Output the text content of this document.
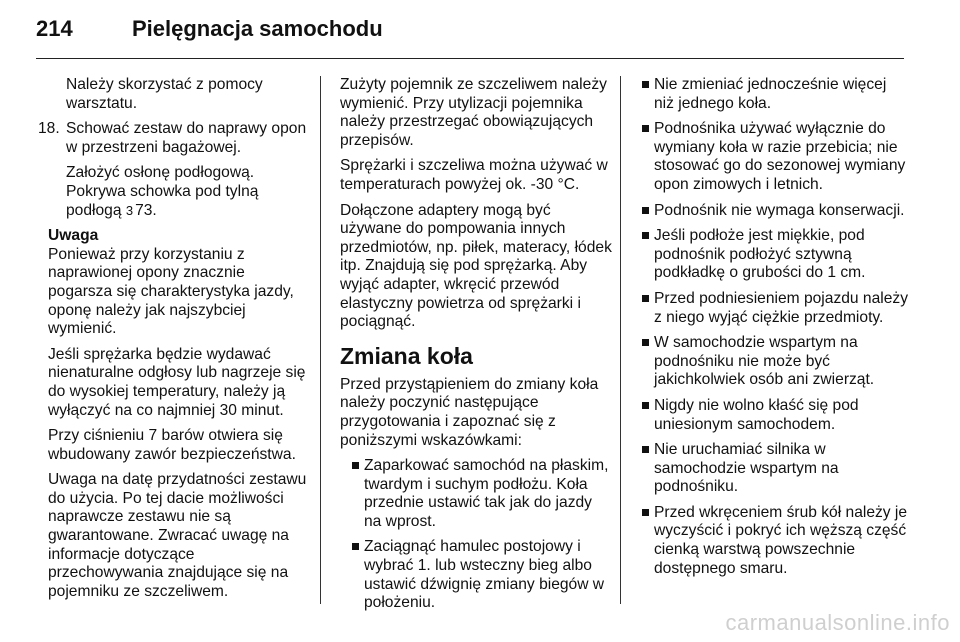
214	Pielęgnacja samochodu

Należy skorzystać z pomocy warsztatu.

18. Schować zestaw do naprawy opon w przestrzeni bagażowej.

Założyć osłonę podłogową. Pokrywa schowka pod tylną podłogą 3 73.

Uwaga

Ponieważ przy korzystaniu z naprawionej opony znacznie pogarsza się charakterystyka jazdy, oponę należy jak najszybciej wymienić.

Jeśli sprężarka będzie wydawać nienaturalne odgłosy lub nagrzeje się do wysokiej temperatury, należy ją wyłączyć na co najmniej 30 minut.

Przy ciśnieniu 7 barów otwiera się wbudowany zawór bezpieczeństwa.

Uwaga na datę przydatności zestawu do użycia. Po tej dacie możliwości naprawcze zestawu nie są gwarantowane. Zwracać uwagę na informacje dotyczące przechowywania znajdujące się na pojemniku ze szczeliwem.

Zużyty pojemnik ze szczeliwem należy wymienić. Przy utylizacji pojemnika należy przestrzegać obowiązujących przepisów.

Sprężarki i szczeliwa można używać w temperaturach powyżej ok. -30 °C.

Dołączone adaptery mogą być używane do pompowania innych przedmiotów, np. piłek, materacy, łódek itp. Znajdują się pod sprężarką. Aby wyjąć adapter, wkręcić przewód elastyczny powietrza od sprężarki i pociągnąć.

Zmiana koła

Przed przystąpieniem do zmiany koła należy poczynić następujące przygotowania i zapoznać się z poniższymi wskazówkami:

Zaparkować samochód na płaskim, twardym i suchym podłożu. Koła przednie ustawić tak jak do jazdy na wprost.
Zaciągnąć hamulec postojowy i wybrać 1. lub wsteczny bieg albo ustawić dźwignię zmiany biegów w położeniu.
Nie zmieniać jednocześnie więcej niż jednego koła.
Podnośnika używać wyłącznie do wymiany koła w razie przebicia; nie stosować go do sezonowej wymiany opon zimowych i letnich.
Podnośnik nie wymaga konserwacji.
Jeśli podłoże jest miękkie, pod podnośnik podłożyć sztywną podkładkę o grubości do 1 cm.
Przed podniesieniem pojazdu należy z niego wyjąć ciężkie przedmioty.
W samochodzie wspartym na podnośniku nie może być jakichkolwiek osób ani zwierząt.
Nigdy nie wolno kłaść się pod uniesionym samochodem.
Nie uruchamiać silnika w samochodzie wspartym na podnośniku.
Przed wkręceniem śrub kół należy je wyczyścić i pokryć ich węższą część cienką warstwą powszechnie dostępnego smaru.
carmanualsonline.info
